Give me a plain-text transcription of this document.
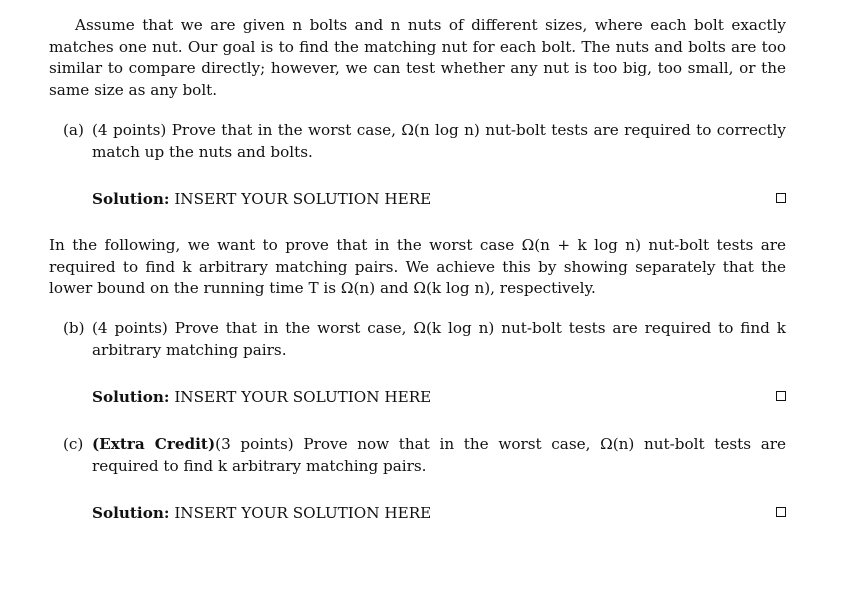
Assume that we are given n bolts and n nuts of different sizes, where each bolt exactly matches one nut. Our goal is to find the matching nut for each bolt. The nuts and bolts are too similar to compare directly; however, we can test whether any nut is too big, too small, or the same size as any bolt.

(a) (4 points) Prove that in the worst case, Ω(n log n) nut-bolt tests are required to correctly match up the nuts and bolts.
Solution: INSERT YOUR SOLUTION HERE

In the following, we want to prove that in the worst case Ω(n + k log n) nut-bolt tests are required to find k arbitrary matching pairs. We achieve this by showing separately that the lower bound on the running time T is Ω(n) and Ω(k log n), respectively.

(b) (4 points) Prove that in the worst case, Ω(k log n) nut-bolt tests are required to find k arbitrary matching pairs.
Solution: INSERT YOUR SOLUTION HERE
(c) (Extra Credit)(3 points) Prove now that in the worst case, Ω(n) nut-bolt tests are required to find k arbitrary matching pairs.
Solution: INSERT YOUR SOLUTION HERE
